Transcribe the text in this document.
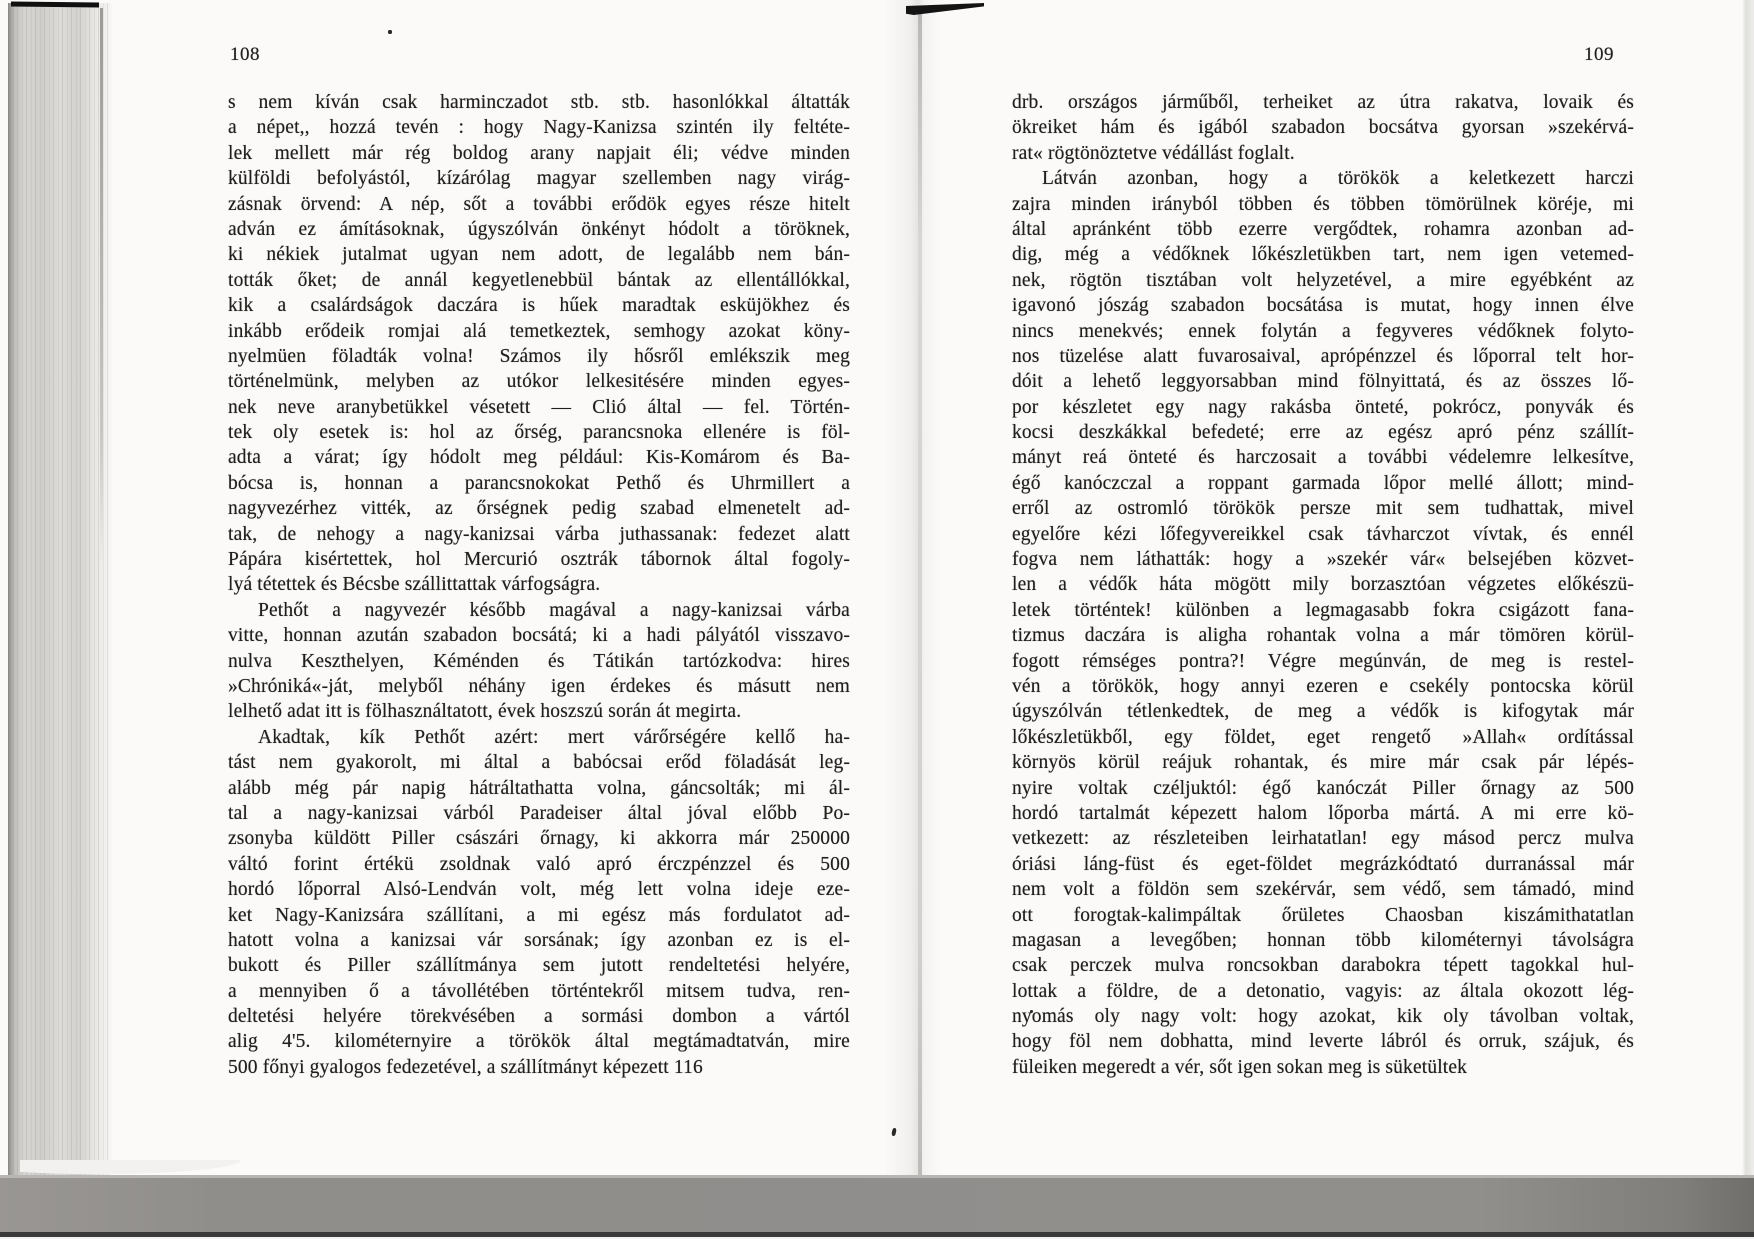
108
s nem kíván csak harminczadot stb. stb. hasonlókkal áltatták
a népet,, hozzá tevén : hogy Nagy-Kanizsa szintén ily feltéte-
lek mellett már rég boldog arany napjait éli; védve minden
külföldi befolyástól, kízárólag magyar szellemben nagy virág-
zásnak örvend: A nép, sőt a további erődök egyes része hitelt
adván ez ámításoknak, úgyszólván önkényt hódolt a töröknek,
ki nékiek jutalmat ugyan nem adott, de legalább nem bán-
tották őket; de annál kegyetlenebbül bántak az ellentállókkal,
kik a csalárdságok daczára is hűek maradtak esküjökhez és
inkább erődeik romjai alá temetkeztek, semhogy azokat köny-
nyelmüen föladták volna! Számos ily hősről emlékszik meg
történelmünk, melyben az utókor lelkesitésére minden egyes-
nek neve aranybetükkel vésetett — Clió által — fel. Történ-
tek oly esetek is: hol az őrség, parancsnoka ellenére is föl-
adta a várat; így hódolt meg például: Kis-Komárom és Ba-
bócsa is, honnan a parancsnokokat Pethő és Uhrmillert a
nagyvezérhez vitték, az őrségnek pedig szabad elmenetelt ad-
tak, de nehogy a nagy-kanizsai várba juthassanak: fedezet alatt
Pápára kisértettek, hol Mercurió osztrák tábornok által fogoly-
lyá tétettek és Bécsbe szállittattak várfogságra.
Pethőt a nagyvezér később magával a nagy-kanizsai várba
vitte, honnan azután szabadon bocsátá; ki a hadi pályától visszavo-
nulva Keszthelyen, Kéménden és Tátikán tartózkodva: hires
»Chróniká«-ját, melyből néhány igen érdekes és másutt nem
lelhető adat itt is fölhasználtatott, évek hoszszú során át megirta.
Akadtak, kík Pethőt azért: mert várőrségére kellő ha-
tást nem gyakorolt, mi által a babócsai erőd föladását leg-
alább még pár napig hátráltathatta volna, gáncsolták; mi ál-
tal a nagy-kanizsai várból Paradeiser által jóval előbb Po-
zsonyba küldött Piller császári őrnagy, ki akkorra már 250000
váltó forint értékü zsoldnak való apró érczpénzzel és 500
hordó lőporral Alsó-Lendván volt, még lett volna ideje eze-
ket Nagy-Kanizsára szállítani, a mi egész más fordulatot ad-
hatott volna a kanizsai vár sorsának; így azonban ez is el-
bukott és Piller szállítmánya sem jutott rendeltetési helyére,
a mennyiben ő a távollétében történtekről mitsem tudva, ren-
deltetési helyére törekvésében a sormási dombon a vártól
alig 4'5. kilométernyire a törökök által megtámadtatván, mire
500 főnyi gyalogos fedezetével, a szállítmányt képezett 116
109
drb. országos járműből, terheiket az útra rakatva, lovaik és
ökreiket hám és igából szabadon bocsátva gyorsan »szekérvá-
rat« rögtönöztetve védállást foglalt.
Látván azonban, hogy a törökök a keletkezett harczi
zajra minden irányból többen és többen tömörülnek köréje, mi
által apránként több ezerre vergődtek, rohamra azonban ad-
dig, még a védőknek lőkészletükben tart, nem igen vetemed-
nek, rögtön tisztában volt helyzetével, a mire egyébként az
igavonó jószág szabadon bocsátása is mutat, hogy innen élve
nincs menekvés; ennek folytán a fegyveres védőknek folyto-
nos tüzelése alatt fuvarosaival, aprópénzzel és lőporral telt hor-
dóit a lehető leggyorsabban mind fölnyittatá, és az összes lő-
por készletet egy nagy rakásba önteté, pokrócz, ponyvák és
kocsi deszkákkal befedeté; erre az egész apró pénz szállít-
mányt reá önteté és harczosait a további védelemre lelkesítve,
égő kanóczczal a roppant garmada lőpor mellé állott; mind-
erről az ostromló törökök persze mit sem tudhattak, mivel
egyelőre kézi lőfegyvereikkel csak távharczot vívtak, és ennél
fogva nem láthatták: hogy a »szekér vár« belsejében közvet-
len a védők háta mögött mily borzasztóan végzetes előkészü-
letek történtek! különben a legmagasabb fokra csigázott fana-
tizmus daczára is aligha rohantak volna a már tömören körül-
fogott rémséges pontra?! Végre megúnván, de meg is restel-
vén a törökök, hogy annyi ezeren e csekély pontocska körül
úgyszólván tétlenkedtek, de meg a védők is kifogytak már
lőkészletükből, egy földet, eget rengető »Allah« ordítással
környös körül reájuk rohantak, és mire már csak pár lépés-
nyire voltak czéljuktól: égő kanóczát Piller őrnagy az 500
hordó tartalmát képezett halom lőporba mártá. A mi erre kö-
vetkezett: az részleteiben leirhatatlan! egy másod percz mulva
óriási láng-füst és eget-földet megrázkódtató durranással már
nem volt a földön sem szekérvár, sem védő, sem támadó, mind
ott forogtak-kalimpáltak őrületes Chaosban kiszámithatatlan
magasan a levegőben; honnan több kilométernyi távolságra
csak perczek mulva roncsokban darabokra tépett tagokkal hul-
lottak a földre, de a detonatio, vagyis: az általa okozott lég-
nyomás oly nagy volt: hogy azokat, kik oly távolban voltak,
hogy föl nem dobhatta, mind leverte lábról és orruk, szájuk, és
füleiken megeredt a vér, sőt igen sokan meg is süketültek
